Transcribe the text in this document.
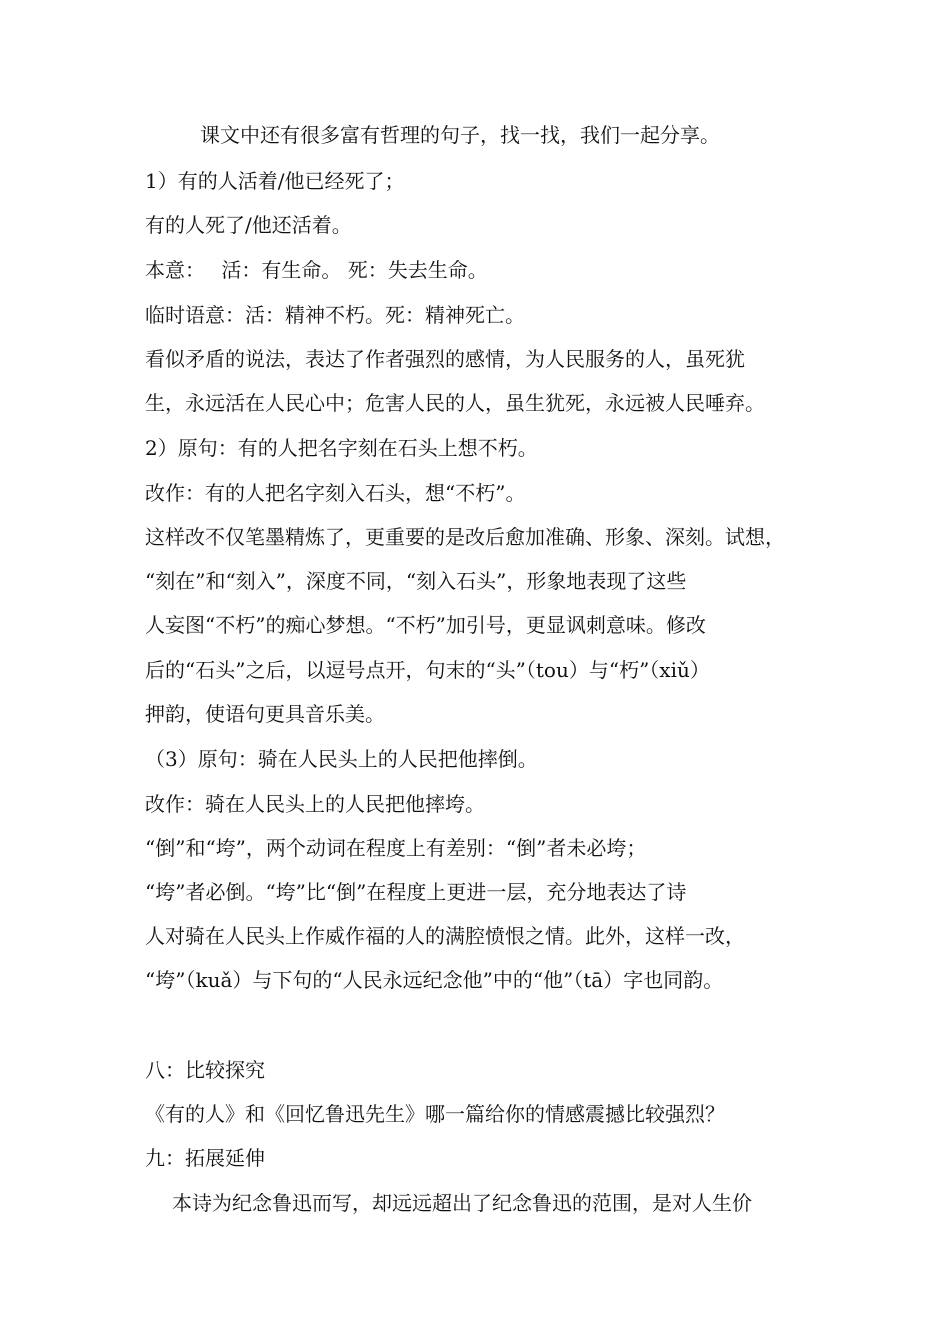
课文中还有很多富有哲理的句子，找一找，我们一起分享。

1）有的人活着/他已经死了；

有的人死了/他还活着。

本意：　 活：有生命。 死：失去生命。

临时语意：活：精神不朽。死：精神死亡。

看似矛盾的说法，表达了作者强烈的感情，为人民服务的人，虽死犹

生，永远活在人民心中；危害人民的人，虽生犹死，永远被人民唾弃。

2）原句：有的人把名字刻在石头上想不朽。

改作：有的人把名字刻入石头，想“不朽”。

这样改不仅笔墨精炼了，更重要的是改后愈加准确、形象、深刻。试想，

“刻在”和“刻入”，深度不同，“刻入石头”，形象地表现了这些

人妄图“不朽”的痴心梦想。“不朽”加引号，更显讽刺意味。修改

后的“石头”之后，以逗号点开，句末的“头”（tou）与“朽”（xiǔ）

押韵，使语句更具音乐美。

（3）原句：骑在人民头上的人民把他摔倒。

改作：骑在人民头上的人民把他摔垮。

“倒”和“垮”，两个动词在程度上有差别：“倒”者未必垮；

“垮”者必倒。“垮”比“倒”在程度上更进一层，充分地表达了诗

人对骑在人民头上作威作福的人的满腔愤恨之情。此外，这样一改，

“垮”（kuǎ）与下句的“人民永远纪念他”中的“他”（tā）字也同韵。

八：比较探究

《有的人》和《回忆鲁迅先生》哪一篇给你的情感震撼比较强烈？

九：拓展延伸

本诗为纪念鲁迅而写，却远远超出了纪念鲁迅的范围，是对人生价
